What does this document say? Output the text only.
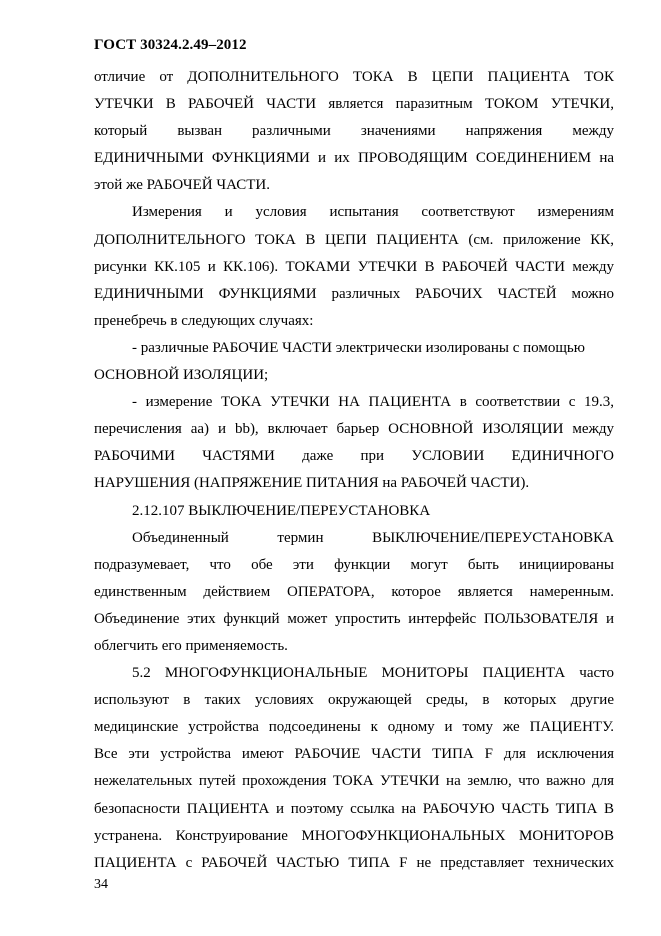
ГОСТ 30324.2.49–2012
отличие от ДОПОЛНИТЕЛЬНОГО ТОКА В ЦЕПИ ПАЦИЕНТА ТОК
УТЕЧКИ В РАБОЧЕЙ ЧАСТИ является паразитным ТОКОМ УТЕЧКИ,
который вызван различными значениями напряжения между
ЕДИНИЧНЫМИ ФУНКЦИЯМИ и их ПРОВОДЯЩИМ СОЕДИНЕНИЕМ на
этой же РАБОЧЕЙ ЧАСТИ.
Измерения и условия испытания соответствуют измерениям
ДОПОЛНИТЕЛЬНОГО ТОКА В ЦЕПИ ПАЦИЕНТА (см. приложение КК,
рисунки КК.105 и КК.106). ТОКАМИ УТЕЧКИ В РАБОЧЕЙ ЧАСТИ между
ЕДИНИЧНЫМИ ФУНКЦИЯМИ различных РАБОЧИХ ЧАСТЕЙ можно
пренебречь в следующих случаях:
- различные РАБОЧИЕ ЧАСТИ электрически изолированы с помощью
ОСНОВНОЙ ИЗОЛЯЦИИ;
- измерение ТОКА УТЕЧКИ НА ПАЦИЕНТА в соответствии с 19.3,
перечисления аа) и bb), включает барьер ОСНОВНОЙ ИЗОЛЯЦИИ между
РАБОЧИМИ ЧАСТЯМИ даже при УСЛОВИИ ЕДИНИЧНОГО
НАРУШЕНИЯ (НАПРЯЖЕНИЕ ПИТАНИЯ на РАБОЧЕЙ ЧАСТИ).
2.12.107 ВЫКЛЮЧЕНИЕ/ПЕРЕУСТАНОВКА
Объединенный термин ВЫКЛЮЧЕНИЕ/ПЕРЕУСТАНОВКА
подразумевает, что обе эти функции могут быть инициированы
единственным действием ОПЕРАТОРА, которое является намеренным.
Объединение этих функций может упростить интерфейс ПОЛЬЗОВАТЕЛЯ и
облегчить его применяемость.
5.2 МНОГОФУНКЦИОНАЛЬНЫЕ МОНИТОРЫ ПАЦИЕНТА часто
используют в таких условиях окружающей среды, в которых другие
медицинские устройства подсоединены к одному и тому же ПАЦИЕНТУ.
Все эти устройства имеют РАБОЧИЕ ЧАСТИ ТИПА F для исключения
нежелательных путей прохождения ТОКА УТЕЧКИ на землю, что важно для
безопасности ПАЦИЕНТА и поэтому ссылка на РАБОЧУЮ ЧАСТЬ ТИПА В
устранена. Конструирование МНОГОФУНКЦИОНАЛЬНЫХ МОНИТОРОВ
ПАЦИЕНТА с РАБОЧЕЙ ЧАСТЬЮ ТИПА F не представляет технических
34
